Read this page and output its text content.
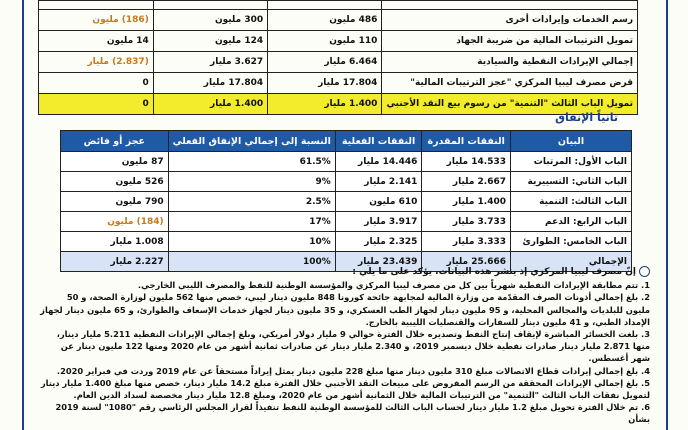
رسم الخدمات وإيرادات أخرى	486 مليون	300 مليون	(186) مليون
تمويل الترتيبات المالية من ضريبة الجهاد	110 مليون	124 مليون	14 مليون
إجمالي الإيرادات النفطية والسيادية	6.464 مليار	3.627 مليار	(2.837) مليار
قرض مصرف ليبيا المركزي "عجز الترتيبات المالية"	17.804 مليار	17.804 مليار	0
تمويل الباب الثالث "التنمية" من رسوم بيع النقد الأجنبي	1.400 مليار	1.400 مليار	0
ثانياً الإنفاق
البيان	النفقات المقدرة	النفقات الفعلية	النسبة إلى إجمالي الإنفاق الفعلي	عجز أو فائض
الباب الأول: المرتبات	14.533 مليار	14.446 مليار	61.5%	87 مليون
الباب الثاني: التسييرية	2.667 مليار	2.141 مليار	9%	526 مليون
الباب الثالث: التنمية	1.400 مليار	610 مليون	2.5%	790 مليون
الباب الرابع: الدعم	3.733 مليار	3.917 مليار	17%	(184) مليون
الباب الخامس: الطوارئ	3.333 مليار	2.325 مليار	10%	1.008 مليار
الإجمالي	25.666 مليار	23.439 مليار	100%	2.227 مليار
إنّ مصرف ليبيا المركزي إذ ينشر هذه البيانات، يؤكد على ما يلي :

1. تتم مطابقة الإيرادات النفطية شهرياً بين كل من مصرف ليبيا المركزي والمؤسسة الوطنية للنفط والمصرف الليبي الخارجي.

2. بلغ إجمالي أذونات الصرف المقدّمة من وزارة المالية لمجابهة جائحة كورونا 848 مليون دينار ليبي، خصص منها 562 مليون لوزارة الصحة، و 50 مليون للبلديات والمجالس المحلية، و 95 مليون دينار لجهاز الطب العسكري، و 35 مليون دينار لجهاز خدمات الإسعاف والطوارئ، و 65 مليون دينار لجهاز الإمداد الطبي، و 41 مليون دينار للسفارات والقنصليات الليبية بالخارج.

3. بلغت الخسائر المباشرة لإيقاف إنتاج النفط وتصديره خلال الفترة حوالي 9 مليار دولار أمريكي، وبلغ إجمالي الإيرادات النفطية 5.211 مليار دينار، منها 2.871 مليار دينار صادرات نفطية خلال ديسمبر 2019، و 2.340 مليار دينار عن صادرات ثمانية أشهر من عام 2020 ومنها 122 مليون دينار عن شهر أغسطس.

4. بلغ إجمالي إيرادات قطاع الاتصالات مبلغ 310 مليون دينار منها مبلغ 228 مليون دينار يمثل إيراداً مستحقاً عن عام 2019 وردت في فبراير 2020.

5. بلغ إجمالي الإيرادات المحققة من الرسم المفروض على مبيعات النقد الأجنبي خلال الفترة مبلغ 14.2 مليار دينار، خصص منها مبلغ 1.400 مليار دينار لتمويل نفقات الباب الثالث "التنمية" من الترتيبات المالية خلال الثمانية أشهر من عام 2020، ومبلغ 12.8 مليار دينار مخصصة لسداد الدين العام.

6. تم خلال الفترة تحويل مبلغ 1.2 مليار دينار لحساب الباب الثالث للمؤسسة الوطنية للنفط تنفيذاً لقرار المجلس الرئاسي رقم "1080" لسنة 2019 بشأن
